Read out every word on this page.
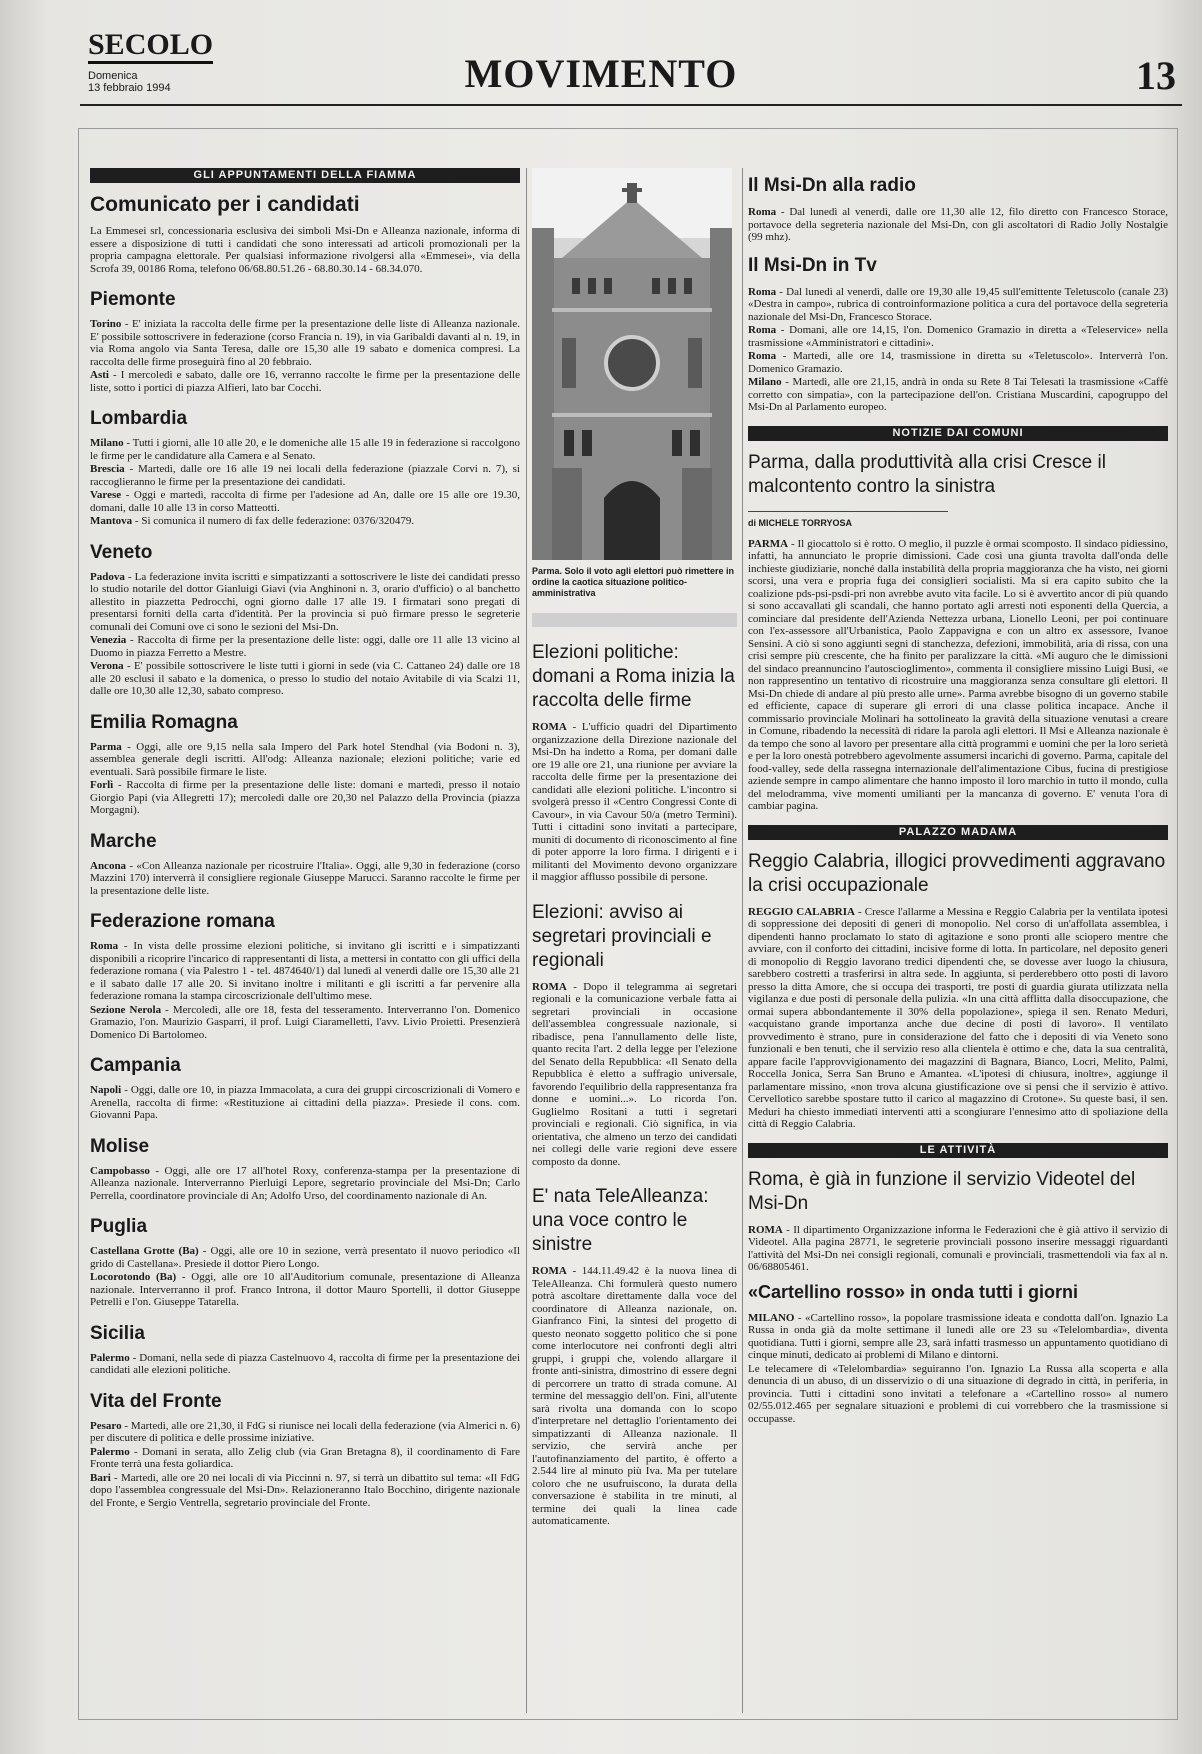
SECOLO
Domenica
13 febbraio 1994	MOVIMENTO	13
GLI APPUNTAMENTI DELLA FIAMMA
Comunicato per i candidati

La Emmesei srl, concessionaria esclusiva dei simboli Msi-Dn e Alleanza nazionale, informa di essere a disposizione di tutti i candidati che sono interessati ad articoli promozionali per la propria campagna elettorale. Per qualsiasi informazione rivolgersi alla «Emmesei», via della Scrofa 39, 00186 Roma, telefono 06/68.80.51.26 - 68.80.30.14 - 68.34.070.

Piemonte

Torino - E' iniziata la raccolta delle firme per la presentazione delle liste di Alleanza nazionale. E' possibile sottoscrivere in federazione (corso Francia n. 19), in via Garibaldi davanti al n. 19, in via Roma angolo via Santa Teresa, dalle ore 15,30 alle 19 sabato e domenica compresi. La raccolta delle firme proseguirà fino al 20 febbraio.

Asti - I mercoledì e sabato, dalle ore 16, verranno raccolte le firme per la presentazione delle liste, sotto i portici di piazza Alfieri, lato bar Cocchi.

Lombardia

Milano - Tutti i giorni, alle 10 alle 20, e le domeniche alle 15 alle 19 in federazione si raccolgono le firme per le candidature alla Camera e al Senato.

Brescia - Martedì, dalle ore 16 alle 19 nei locali della federazione (piazzale Corvi n. 7), si raccoglieranno le firme per la presentazione dei candidati.

Varese - Oggi e martedì, raccolta di firme per l'adesione ad An, dalle ore 15 alle ore 19.30, domani, dalle 10 alle 13 in corso Matteotti.

Mantova - Si comunica il numero di fax delle federazione: 0376/320479.

Veneto

Padova - La federazione invita iscritti e simpatizzanti a sottoscrivere le liste dei candidati presso lo studio notarile del dottor Gianluigi Giavi (via Anghinoni n. 3, orario d'ufficio) o al banchetto allestito in piazzetta Pedrocchi, ogni giorno dalle 17 alle 19. I firmatari sono pregati di presentarsi forniti della carta d'identità. Per la provincia si può firmare presso le segreterie comunali dei Comuni ove ci sono le sezioni del Msi-Dn.

Venezia - Raccolta di firme per la presentazione delle liste: oggi, dalle ore 11 alle 13 vicino al Duomo in piazza Ferretto a Mestre.

Verona - E' possibile sottoscrivere le liste tutti i giorni in sede (via C. Cattaneo 24) dalle ore 18 alle 20 esclusi il sabato e la domenica, o presso lo studio del notaio Avitabile di via Scalzi 11, dalle ore 10,30 alle 12,30, sabato compreso.

Emilia Romagna

Parma - Oggi, alle ore 9,15 nella sala Impero del Park hotel Stendhal (via Bodoni n. 3), assemblea generale degli iscritti. All'odg: Alleanza nazionale; elezioni politiche; varie ed eventuali. Sarà possibile firmare le liste.

Forlì - Raccolta di firme per la presentazione delle liste: domani e martedì, presso il notaio Giorgio Papi (via Allegretti 17); mercoledì dalle ore 20,30 nel Palazzo della Provincia (piazza Morgagni).

Marche

Ancona - «Con Alleanza nazionale per ricostruire l'Italia». Oggi, alle 9,30 in federazione (corso Mazzini 170) interverrà il consigliere regionale Giuseppe Marucci. Saranno raccolte le firme per la presentazione delle liste.

Federazione romana

Roma - In vista delle prossime elezioni politiche, si invitano gli iscritti e i simpatizzanti disponibili a ricoprire l'incarico di rappresentanti di lista, a mettersi in contatto con gli uffici della federazione romana ( via Palestro 1 - tel. 4874640/1) dal lunedì al venerdì dalle ore 15,30 alle 21 e il sabato dalle 17 alle 20. Si invitano inoltre i militanti e gli iscritti a far pervenire alla federazione romana la stampa circoscrizionale dell'ultimo mese.

Sezione Nerola - Mercoledì, alle ore 18, festa del tesseramento. Interverranno l'on. Domenico Gramazio, l'on. Maurizio Gasparri, il prof. Luigi Ciaramelletti, l'avv. Livio Proietti. Presenzierà Domenico Di Bartolomeo.

Campania

Napoli - Oggi, dalle ore 10, in piazza Immacolata, a cura dei gruppi circoscrizionali di Vomero e Arenella, raccolta di firme: «Restituzione ai cittadini della piazza». Presiede il cons. com. Giovanni Papa.

Molise

Campobasso - Oggi, alle ore 17 all'hotel Roxy, conferenza-stampa per la presentazione di Alleanza nazionale. Interverranno Pierluigi Lepore, segretario provinciale del Msi-Dn; Carlo Perrella, coordinatore provinciale di An; Adolfo Urso, del coordinamento nazionale di An.

Puglia

Castellana Grotte (Ba) - Oggi, alle ore 10 in sezione, verrà presentato il nuovo periodico «Il grido di Castellana». Presiede il dottor Piero Longo.

Locorotondo (Ba) - Oggi, alle ore 10 all'Auditorium comunale, presentazione di Alleanza nazionale. Interverranno il prof. Franco Introna, il dottor Mauro Sportelli, il dottor Giuseppe Petrelli e l'on. Giuseppe Tatarella.

Sicilia

Palermo - Domani, nella sede di piazza Castelnuovo 4, raccolta di firme per la presentazione dei candidati alle elezioni politiche.

Vita del Fronte

Pesaro - Martedì, alle ore 21,30, il FdG si riunisce nei locali della federazione (via Almerici n. 6) per discutere di politica e delle prossime iniziative.

Palermo - Domani in serata, allo Zelig club (via Gran Bretagna 8), il coordinamento di Fare Fronte terrà una festa goliardica.

Bari - Martedì, alle ore 20 nei locali di via Piccinni n. 97, si terrà un dibattito sul tema: «Il FdG dopo l'assemblea congressuale del Msi-Dn». Relazioneranno Italo Bocchino, dirigente nazionale del Fronte, e Sergio Ventrella, segretario provinciale del Fronte.

Parma. Solo il voto agli elettori può rimettere in ordine la caotica situazione politico-amministrativa
Elezioni politiche: domani a Roma inizia la raccolta delle firme

ROMA - L'ufficio quadri del Dipartimento organizzazione della Direzione nazionale del Msi-Dn ha indetto a Roma, per domani dalle ore 19 alle ore 21, una riunione per avviare la raccolta delle firme per la presentazione dei candidati alle elezioni politiche. L'incontro si svolgerà presso il «Centro Congressi Conte di Cavour», in via Cavour 50/a (metro Termini). Tutti i cittadini sono invitati a partecipare, muniti di documento di riconoscimento al fine di poter apporre la loro firma. I dirigenti e i militanti del Movimento devono organizzare il maggior afflusso possibile di persone.

Elezioni: avviso ai segretari provinciali e regionali

ROMA - Dopo il telegramma ai segretari regionali e la comunicazione verbale fatta ai segretari provinciali in occasione dell'assemblea congressuale nazionale, si ribadisce, pena l'annullamento delle liste, quanto recita l'art. 2 della legge per l'elezione del Senato della Repubblica: «Il Senato della Repubblica è eletto a suffragio universale, favorendo l'equilibrio della rappresentanza fra donne e uomini...». Lo ricorda l'on. Guglielmo Rositani a tutti i segretari provinciali e regionali. Ciò significa, in via orientativa, che almeno un terzo dei candidati nei collegi delle varie regioni deve essere composto da donne.

E' nata TeleAlleanza: una voce contro le sinistre

ROMA - 144.11.49.42 è la nuova linea di TeleAlleanza. Chi formulerà questo numero potrà ascoltare direttamente dalla voce del coordinatore di Alleanza nazionale, on. Gianfranco Fini, la sintesi del progetto di questo neonato soggetto politico che si pone come interlocutore nei confronti degli altri gruppi, i gruppi che, volendo allargare il fronte anti-sinistra, dimostrino di essere degni di percorrere un tratto di strada comune. Al termine del messaggio dell'on. Fini, all'utente sarà rivolta una domanda con lo scopo d'interpretare nel dettaglio l'orientamento dei simpatizzanti di Alleanza nazionale. Il servizio, che servirà anche per l'autofinanziamento del partito, è offerto a 2.544 lire al minuto più Iva. Ma per tutelare coloro che ne usufruiscono, la durata della conversazione è stabilita in tre minuti, al termine dei quali la linea cade automaticamente.

Il Msi-Dn alla radio

Roma - Dal lunedì al venerdì, dalle ore 11,30 alle 12, filo diretto con Francesco Storace, portavoce della segreteria nazionale del Msi-Dn, con gli ascoltatori di Radio Jolly Nostalgie (99 mhz).

Il Msi-Dn in Tv

Roma - Dal lunedì al venerdì, dalle ore 19,30 alle 19,45 sull'emittente Teletuscolo (canale 23) «Destra in campo», rubrica di controinformazione politica a cura del portavoce della segreteria nazionale del Msi-Dn, Francesco Storace.

Roma - Domani, alle ore 14,15, l'on. Domenico Gramazio in diretta a «Teleservice» nella trasmissione «Amministratori e cittadini».

Roma - Martedì, alle ore 14, trasmissione in diretta su «Teletuscolo». Interverrà l'on. Domenico Gramazio.

Milano - Martedì, alle ore 21,15, andrà in onda su Rete 8 Tai Telesatì la trasmissione «Caffè corretto con simpatia», con la partecipazione dell'on. Cristiana Muscardini, capogruppo del Msi-Dn al Parlamento europeo.

NOTIZIE DAI COMUNI
Parma, dalla produttività alla crisi Cresce il malcontento contro la sinistra
di MICHELE TORRYOSA

PARMA - Il giocattolo si è rotto. O meglio, il puzzle è ormai scomposto. Il sindaco pidiessino, infatti, ha annunciato le proprie dimissioni. Cade così una giunta travolta dall'onda delle inchieste giudiziarie, nonché dalla instabilità della propria maggioranza che ha visto, nei giorni scorsi, una vera e propria fuga dei consiglieri socialisti. Ma si era capito subito che la coalizione pds-psi-psdi-pri non avrebbe avuto vita facile. Lo si è avvertito ancor di più quando si sono accavallati gli scandali, che hanno portato agli arresti noti esponenti della Quercia, a cominciare dal presidente dell'Azienda Nettezza urbana, Lionello Leoni, per poi continuare con l'ex-assessore all'Urbanistica, Paolo Zappavigna e con un altro ex assessore, Ivanoe Sensini. A ciò si sono aggiunti segni di stanchezza, defezioni, immobilità, aria di rissa, con una crisi sempre più crescente, che ha finito per paralizzare la città. «Mi auguro che le dimissioni del sindaco preannuncino l'autoscioglimento», commenta il consigliere missino Luigi Busi, «e non rappresentino un tentativo di ricostruire una maggioranza senza consultare gli elettori. Il Msi-Dn chiede di andare al più presto alle urne». Parma avrebbe bisogno di un governo stabile ed efficiente, capace di superare gli errori di una classe politica incapace. Anche il commissario provinciale Molinari ha sottolineato la gravità della situazione venutasi a creare in Comune, ribadendo la necessità di ridare la parola agli elettori. Il Msi e Alleanza nazionale è da tempo che sono al lavoro per presentare alla città programmi e uomini che per la loro serietà e per la loro onestà potrebbero agevolmente assumersi incarichi di governo. Parma, capitale del food-valley, sede della rassegna internazionale dell'alimentazione Cibus, fucina di prestigiose aziende sempre in campo alimentare che hanno imposto il loro marchio in tutto il mondo, culla del melodramma, vive momenti umilianti per la mancanza di governo. E' venuta l'ora di cambiar pagina.

PALAZZO MADAMA
Reggio Calabria, illogici provvedimenti aggravano la crisi occupazionale

REGGIO CALABRIA - Cresce l'allarme a Messina e Reggio Calabria per la ventilata ipotesi di soppressione dei depositi di generi di monopolio. Nel corso di un'affollata assemblea, i dipendenti hanno proclamato lo stato di agitazione e sono pronti alle sciopero mentre che avviare, con il conforto dei cittadini, incisive forme di lotta. In particolare, nel deposito generi di monopolio di Reggio lavorano tredici dipendenti che, se dovesse aver luogo la chiusura, sarebbero costretti a trasferirsi in altra sede. In aggiunta, si perderebbero otto posti di lavoro presso la ditta Amore, che si occupa dei trasporti, tre posti di guardia giurata utilizzata nella vigilanza e due posti di personale della pulizia. «In una città afflitta dalla disoccupazione, che ormai supera abbondantemente il 30% della popolazione», spiega il sen. Renato Meduri, «acquistano grande importanza anche due decine di posti di lavoro». Il ventilato provvedimento è strano, pure in considerazione del fatto che i depositi di via Veneto sono funzionali e ben tenuti, che il servizio reso alla clientela è ottimo e che, data la sua centralità, appare facile l'approvvigionamento dei magazzini di Bagnara, Bianco, Locri, Melito, Palmi, Roccella Jonica, Serra San Bruno e Amantea. «L'ipotesi di chiusura, inoltre», aggiunge il parlamentare missino, «non trova alcuna giustificazione ove si pensi che il servizio è attivo. Cervellotico sarebbe spostare tutto il carico al magazzino di Crotone». Su queste basi, il sen. Meduri ha chiesto immediati interventi atti a scongiurare l'ennesimo atto di spoliazione della città di Reggio Calabria.

LE ATTIVITÀ
Roma, è già in funzione il servizio Videotel del Msi-Dn

ROMA - Il dipartimento Organizzazione informa le Federazioni che è già attivo il servizio di Videotel. Alla pagina 28771, le segreterie provinciali possono inserire messaggi riguardanti l'attività del Msi-Dn nei consigli regionali, comunali e provinciali, trasmettendoli via fax al n. 06/68805461.

«Cartellino rosso» in onda tutti i giorni

MILANO - «Cartellino rosso», la popolare trasmissione ideata e condotta dall'on. Ignazio La Russa in onda già da molte settimane il lunedì alle ore 23 su «Telelombardia», diventa quotidiana. Tutti i giorni, sempre alle 23, sarà infatti trasmesso un appuntamento quotidiano di cinque minuti, dedicato ai problemi di Milano e dintorni.

Le telecamere di «Telelombardia» seguiranno l'on. Ignazio La Russa alla scoperta e alla denuncia di un abuso, di un disservizio o di una situazione di degrado in città, in periferia, in provincia. Tutti i cittadini sono invitati a telefonare a «Cartellino rosso» al numero 02/55.012.465 per segnalare situazioni e problemi di cui vorrebbero che la trasmissione si occupasse.
